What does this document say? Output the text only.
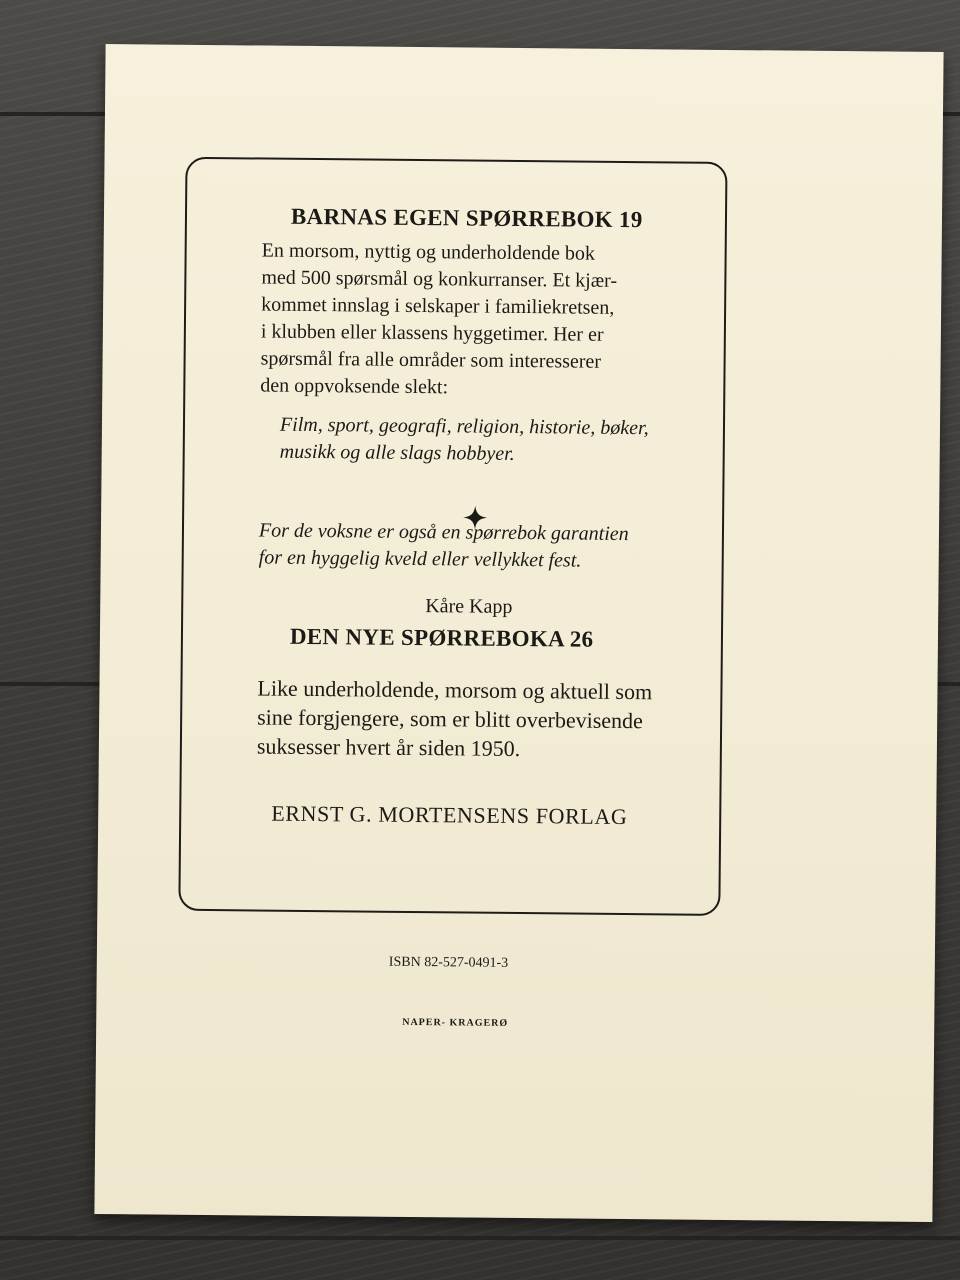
BARNAS EGEN SPØRREBOK 19
En morsom, nyttig og underholdende bok
med 500 spørsmål og konkurranser. Et kjær-
kommet innslag i selskaper i familiekretsen,
i klubben eller klassens hyggetimer. Her er
spørsmål fra alle områder som interesserer
den oppvoksende slekt:
Film, sport, geografi, religion, historie, bøker,
musikk og alle slags hobbyer.
For de voksne er også en spørrebok garantien
for en hyggelig kveld eller vellykket fest.
Kåre Kapp
DEN NYE SPØRREBOKA 26
Like underholdende, morsom og aktuell som
sine forgjengere, som er blitt overbevisende
suksesser hvert år siden 1950.
ERNST G. MORTENSENS FORLAG
ISBN 82-527-0491-3
NAPER- KRAGERØ
